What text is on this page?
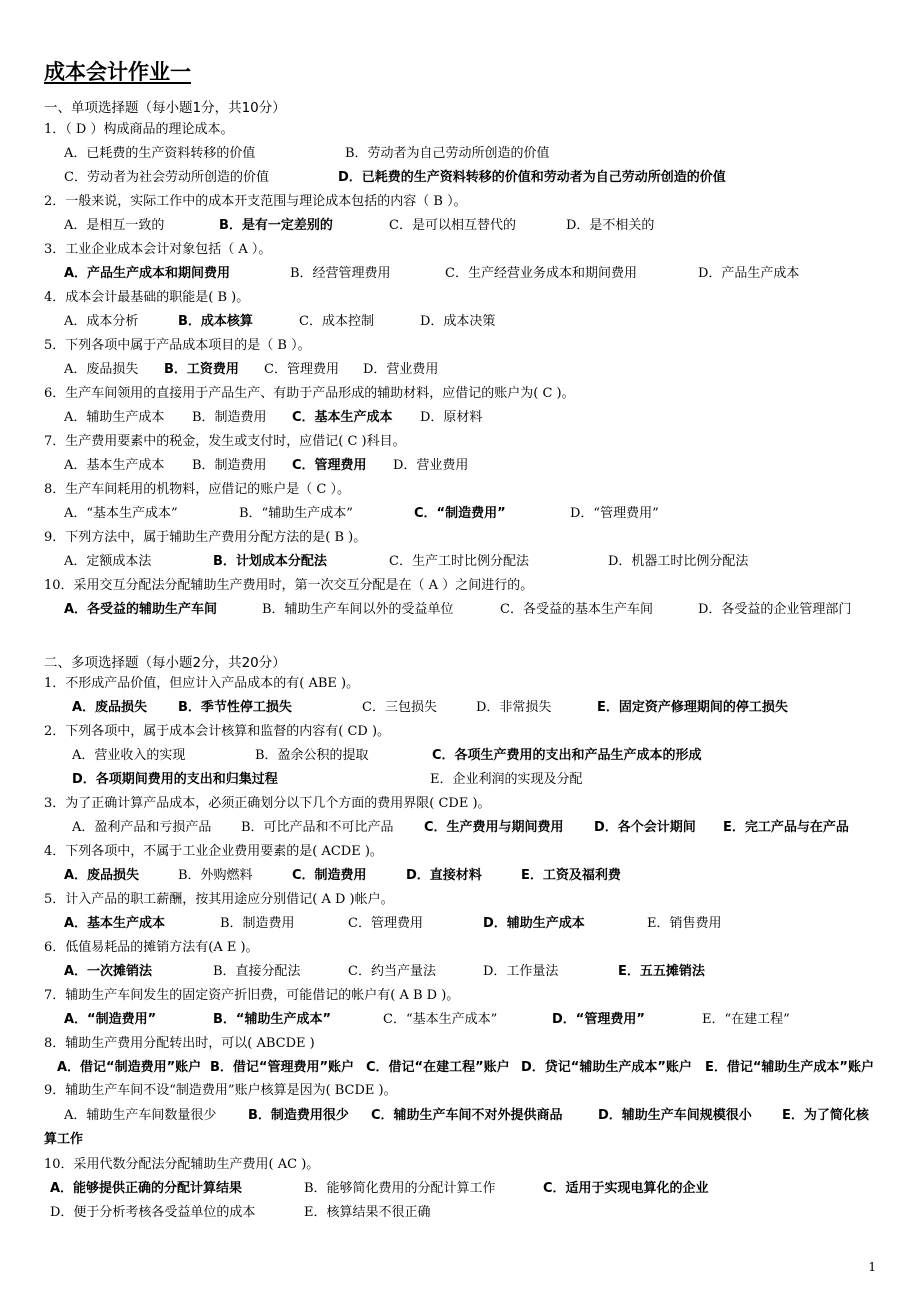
成本会计作业一
一、单项选择题（每小题1分，共10分）
1．（ D ）构成商品的理论成本。
A．已耗费的生产资料转移的价值	B．劳动者为自己劳动所创造的价值
C．劳动者为社会劳动所创造的价值	D．已耗费的生产资料转移的价值和劳动者为自己劳动所创造的价值
2．一般来说，实际工作中的成本开支范围与理论成本包括的内容（ B ）。
A．是相互一致的	B．是有一定差别的	C．是可以相互替代的	D．是不相关的
3．工业企业成本会计对象包括（ A ）。
A．产品生产成本和期间费用	B．经营管理费用	C．生产经营业务成本和期间费用	D．产品生产成本
4．成本会计最基础的职能是( B )。
A．成本分析	B．成本核算	C．成本控制	D．成本决策
5．下列各项中属于产品成本项目的是（ B ）。
A．废品损失 B．工资费用 C．管理费用 D．营业费用
6．生产车间领用的直接用于产品生产、有助于产品形成的辅助材料，应借记的账户为( C )。
A．辅助生产成本 B．制造费用 C．基本生产成本 D．原材料
7．生产费用要素中的税金，发生或支付时，应借记( C )科目。
A．基本生产成本 B．制造费用 C．管理费用 D．营业费用
8．生产车间耗用的机物料，应借记的账户是（ C ）。
A．“基本生产成本”	B．“辅助生产成本”	C．“制造费用”	D．“管理费用”
9．下列方法中，属于辅助生产费用分配方法的是( B )。
A．定额成本法	B．计划成本分配法	C．生产工时比例分配法	D．机器工时比例分配法
10．采用交互分配法分配辅助生产费用时，第一次交互分配是在（ A ）之间进行的。
A．各受益的辅助生产车间	B．辅助生产车间以外的受益单位	C．各受益的基本生产车间	D．各受益的企业管理部门
二、多项选择题（每小题2分，共20分）
1．不形成产品价值，但应计入产品成本的有( ABE )。
A．废品损失 B．季节性停工损失	C．三包损失	D．非常损失	E．固定资产修理期间的停工损失
2．下列各项中，属于成本会计核算和监督的内容有( CD )。
A．营业收入的实现	B．盈余公积的提取	C．各项生产费用的支出和产品生产成本的形成
D．各项期间费用的支出和归集过程	E．企业利润的实现及分配
3．为了正确计算产品成本，必须正确划分以下几个方面的费用界限( CDE )。
A．盈利产品和亏损产品 B．可比产品和不可比产品 C．生产费用与期间费用 D．各个会计期间 E．完工产品与在产品
4．下列各项中，不属于工业企业费用要素的是( ACDE )。
A．废品损失	B．外购燃料	C．制造费用	D．直接材料	E．工资及福利费
5．计入产品的职工薪酬，按其用途应分别借记( A D )帐户。
A．基本生产成本	B．制造费用	C．管理费用	D．辅助生产成本	E．销售费用
6．低值易耗品的摊销方法有(A E )。
A．一次摊销法	B．直接分配法	C．约当产量法	D．工作量法	E．五五摊销法
7．辅助生产车间发生的固定资产折旧费，可能借记的帐户有( A B D )。
A．“制造费用”	B．“辅助生产成本”	C．“基本生产成本”	D．“管理费用”	E．“在建工程”
8．辅助生产费用分配转出时，可以( ABCDE )
A．借记“制造费用”账户 B．借记“管理费用”账户 C．借记“在建工程”账户 D．贷记“辅助生产成本”账户 E．借记“辅助生产成本”账户
9．辅助生产车间不设“制造费用”账户核算是因为( BCDE )。
A．辅助生产车间数量很少 B．制造费用很少 C．辅助生产车间不对外提供商品	D．辅助生产车间规模很小 E．为了简化核
算工作
10．采用代数分配法分配辅助生产费用( AC )。
A．能够提供正确的分配计算结果	B．能够简化费用的分配计算工作	C．适用于实现电算化的企业
D．便于分析考核各受益单位的成本	E．核算结果不很正确
1
